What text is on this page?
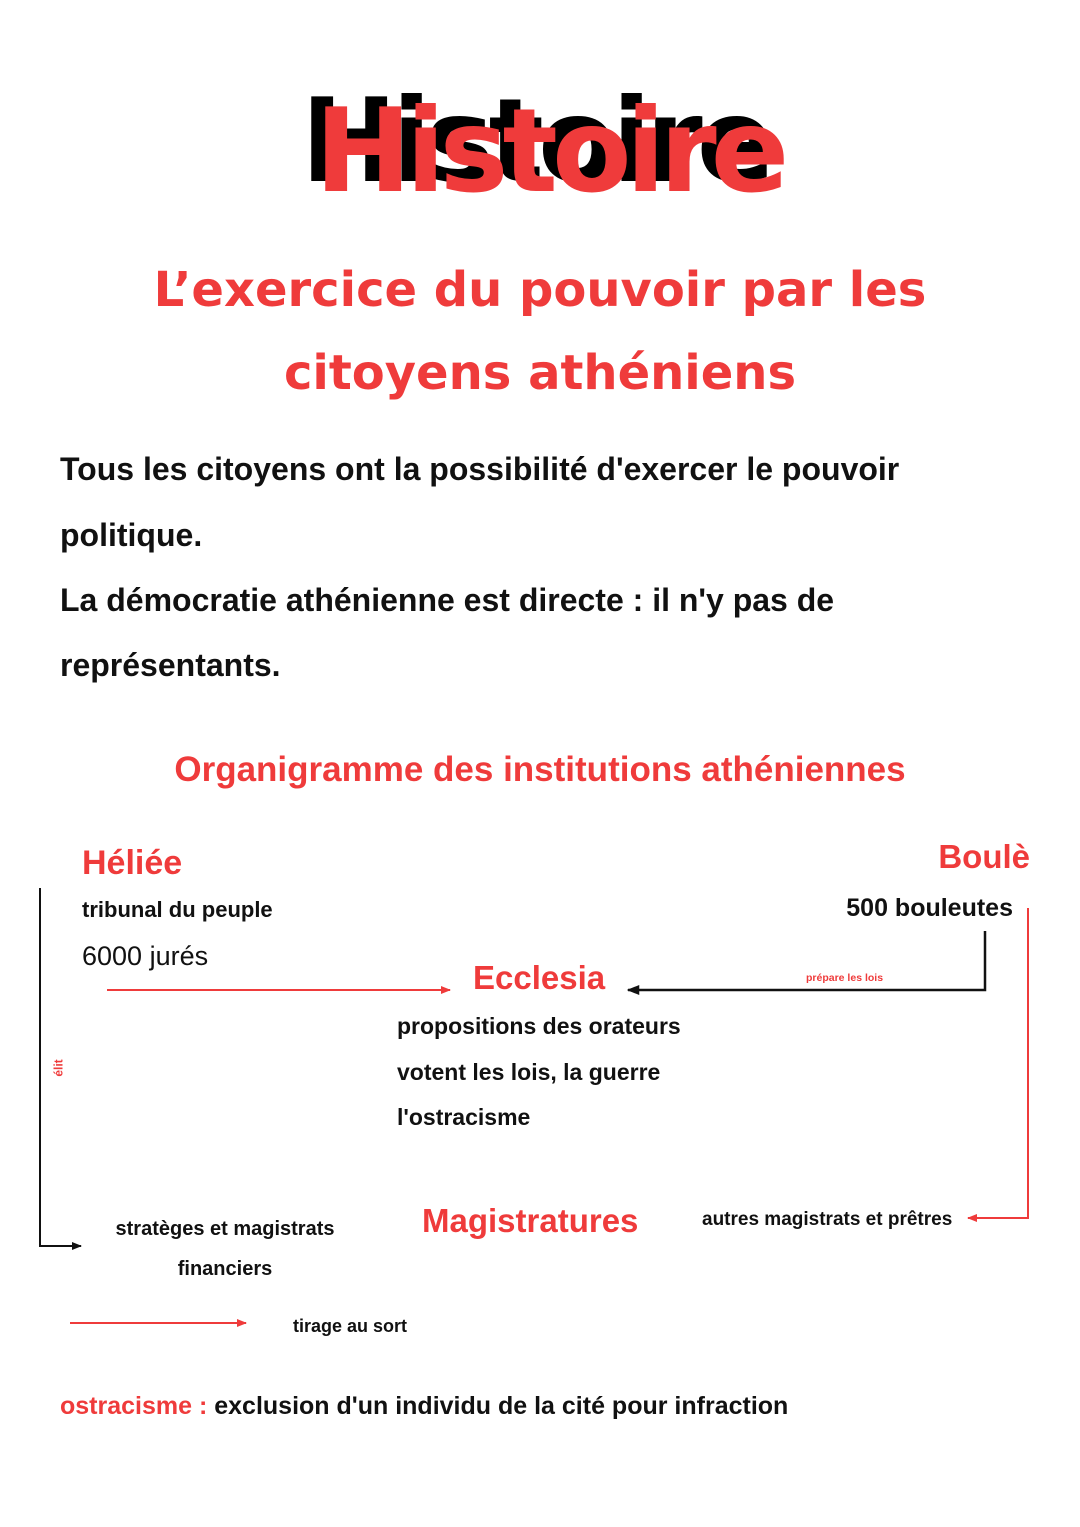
Histoire
L’exercice du pouvoir par les
citoyens athéniens
Tous les citoyens ont la possibilité d'exercer le pouvoir
politique.
La démocratie athénienne est directe : il n'y pas de
représentants.
Organigramme des institutions athéniennes
Héliée
tribunal du peuple
6000 jurés
Boulè
500 bouleutes
prépare les lois
Ecclesia
propositions des orateurs
votent les lois, la guerre
l'ostracisme
élit
stratèges et magistrats
financiers
Magistratures	autres magistrats et prêtres
tirage au sort
ostracisme : exclusion d'un individu de la cité pour infraction
